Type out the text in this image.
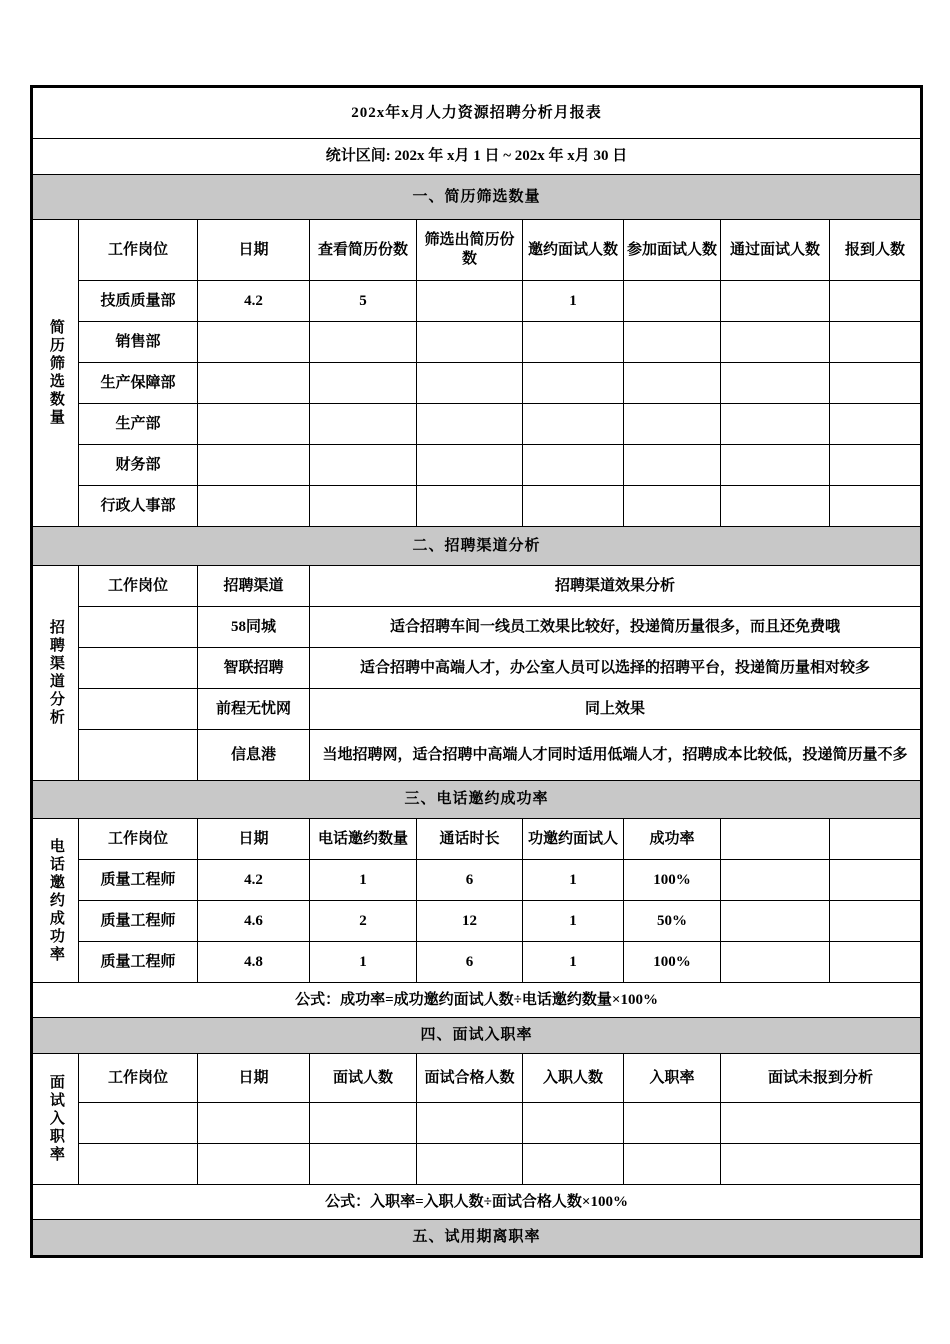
202x年x月人力资源招聘分析月报表								
统计区间: 202x 年 x月 1 日 ~ 202x 年 x月 30 日								
一、简历筛选数量								
简历筛选数量	工作岗位	日期	查看简历份数	筛选出简历份数	邀约面试人数	参加面试人数	通过面试人数	报到人数
	技质质量部	4.2	5		1			
	销售部							
	生产保障部							
	生产部							
	财务部							
	行政人事部							
二、招聘渠道分析								
招聘渠道分析	工作岗位	招聘渠道	招聘渠道效果分析					
		58同城	适合招聘车间一线员工效果比较好，投递简历量很多，而且还免费哦					
		智联招聘	适合招聘中高端人才，办公室人员可以选择的招聘平台，投递简历量相对较多					
		前程无忧网	同上效果					
		信息港	当地招聘网，适合招聘中高端人才同时适用低端人才，招聘成本比较低，投递简历量不多					
三、电话邀约成功率								
电话邀约成功率	工作岗位	日期	电话邀约数量	通话时长	功邀约面试人	成功率		
	质量工程师	4.2	1	6	1	100%		
	质量工程师	4.6	2	12	1	50%		
	质量工程师	4.8	1	6	1	100%		
公式：成功率=成功邀约面试人数÷电话邀约数量×100%								
四、面试入职率								
面试入职率	工作岗位	日期	面试人数	面试合格人数	入职人数	入职率	面试未报到分析	

公式：入职率=入职人数÷面试合格人数×100%								
五、试用期离职率								
